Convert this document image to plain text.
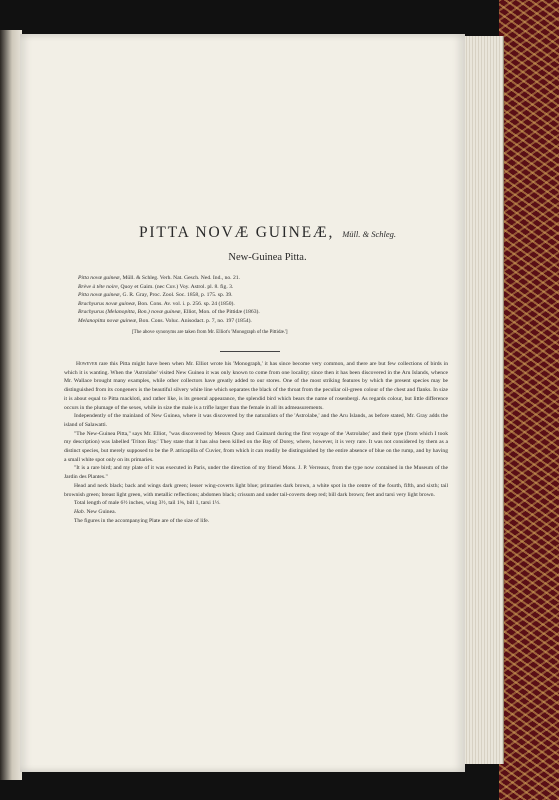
PITTA NOVÆ GUINEÆ, Müll. & Schleg.
New-Guinea Pitta.
Pitta novæ guineæ, Müll. & Schleg. Verh. Nat. Gesch. Ned. Ind., no. 21.
Brève à tête noire, Quoy et Gaim. (nec Cuv.) Voy. Astrol. pl. 8. fig. 3.
Pitta novæ guineæ, G. R. Gray, Proc. Zool. Soc. 1858, p. 175. sp. 39.
Brachyurus novæ guineæ, Bon. Cons. Av. vol. i. p. 256. sp. 24 (1850).
Brachyurus (Melanopitta, Bon.) novæ guineæ, Elliot, Mon. of the Pittidæ (1863).
Melanopitta novæ guineæ, Bon. Cons. Voluc. Anisodact. p. 7, no. 197 (1854).
[The above synonyms are taken from Mr. Elliot's 'Monograph of the Pittidæ.']

However rare this Pitta might have been when Mr. Elliot wrote his 'Monograph,' it has since become very common, and there are but few collections of birds in which it is wanting. When the 'Astrolabe' visited New Guinea it was only known to come from one locality; since then it has been discovered in the Aru Islands, whence Mr. Wallace brought many examples, while other collectors have greatly added to our stores. One of the most striking features by which the present species may be distinguished from its congeners is the beautiful silvery white line which separates the black of the throat from the peculiar oil-green colour of the chest and flanks. In size it is about equal to Pitta mackloti, and rather like, is its general appearance, the splendid bird which bears the name of rosenbergi. As regards colour, but little difference occurs in the plumage of the sexes, while in size the male is a trifle larger than the female in all its admeasurements.

Independently of the mainland of New Guinea, where it was discovered by the naturalists of the 'Astrolabe,' and the Aru Islands, as before stated, Mr. Gray adds the island of Salawatti.

"The New-Guinea Pitta," says Mr. Elliot, "was discovered by Messrs Quoy and Gaimard during the first voyage of the 'Astrolabe;' and their type (from which I took my description) was labelled 'Triton Bay.' They state that it has also been killed on the Bay of Dorey, where, however, it is very rare. It was not considered by them as a distinct species, but merely supposed to be the P. atricapilla of Cuvier, from which it can readily be distinguished by the entire absence of blue on the rump, and by having a small white spot only on its primaries.

"It is a rare bird; and my plate of it was executed in Paris, under the direction of my friend Mons. J. P. Verreaux, from the type now contained in the Museum of the Jardin des Plantes."

Head and neck black; back and wings dark green; lesser wing-coverts light blue; primaries dark brown, a white spot in the centre of the fourth, fifth, and sixth; tail brownish green; breast light green, with metallic reflections; abdomen black; crissum and under tail-coverts deep red; bill dark brown; feet and tarsi very light brown.

Total length of male 6½ inches, wing 3½, tail 1¾, bill 1, tarsi 1½.

Hab. New Guinea.

The figures in the accompanying Plate are of the size of life.
